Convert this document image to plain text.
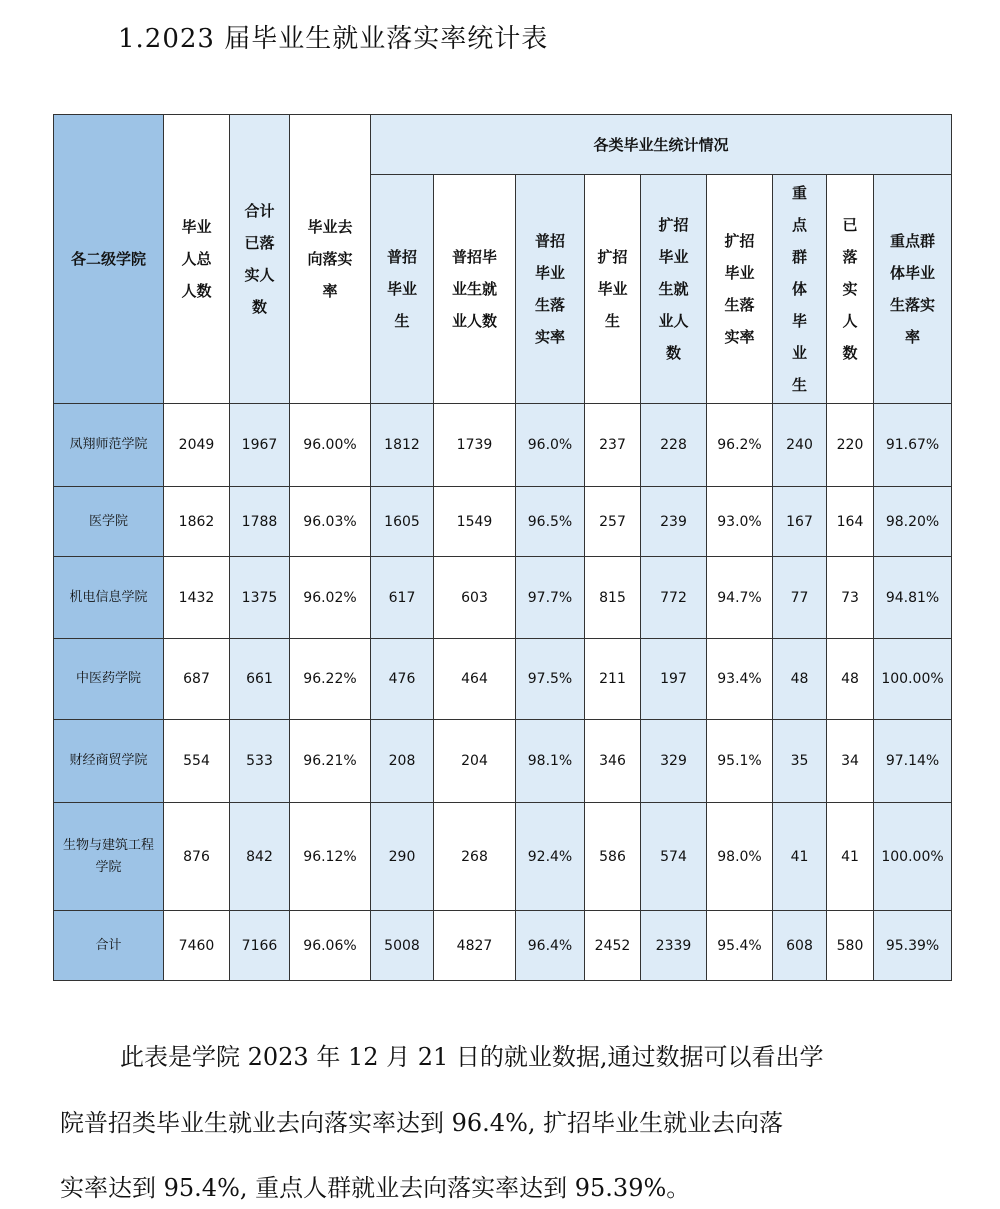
1.2023 届毕业生就业落实率统计表
各二级学院	毕业人总人数	合计已落实人数	毕业去向落实率	各类毕业生统计情况								
				普招毕业生	普招毕业生就业人数	普招毕业生落实率	扩招毕业生	扩招毕业生就业人数	扩招毕业生落实率	重点群体毕业生	已落实人数	重点群体毕业生落实率
凤翔师范学院	2049	1967	96.00%	1812	1739	96.0%	237	228	96.2%	240	220	91.67%
医学院	1862	1788	96.03%	1605	1549	96.5%	257	239	93.0%	167	164	98.20%
机电信息学院	1432	1375	96.02%	617	603	97.7%	815	772	94.7%	77	73	94.81%
中医药学院	687	661	96.22%	476	464	97.5%	211	197	93.4%	48	48	100.00%
财经商贸学院	554	533	96.21%	208	204	98.1%	346	329	95.1%	35	34	97.14%
生物与建筑工程学院	876	842	96.12%	290	268	92.4%	586	574	98.0%	41	41	100.00%
合计	7460	7166	96.06%	5008	4827	96.4%	2452	2339	95.4%	608	580	95.39%
此表是学院 2023 年 12 月 21 日的就业数据,通过数据可以看出学
院普招类毕业生就业去向落实率达到 96.4%, 扩招毕业生就业去向落
实率达到 95.4%, 重点人群就业去向落实率达到 95.39%。
